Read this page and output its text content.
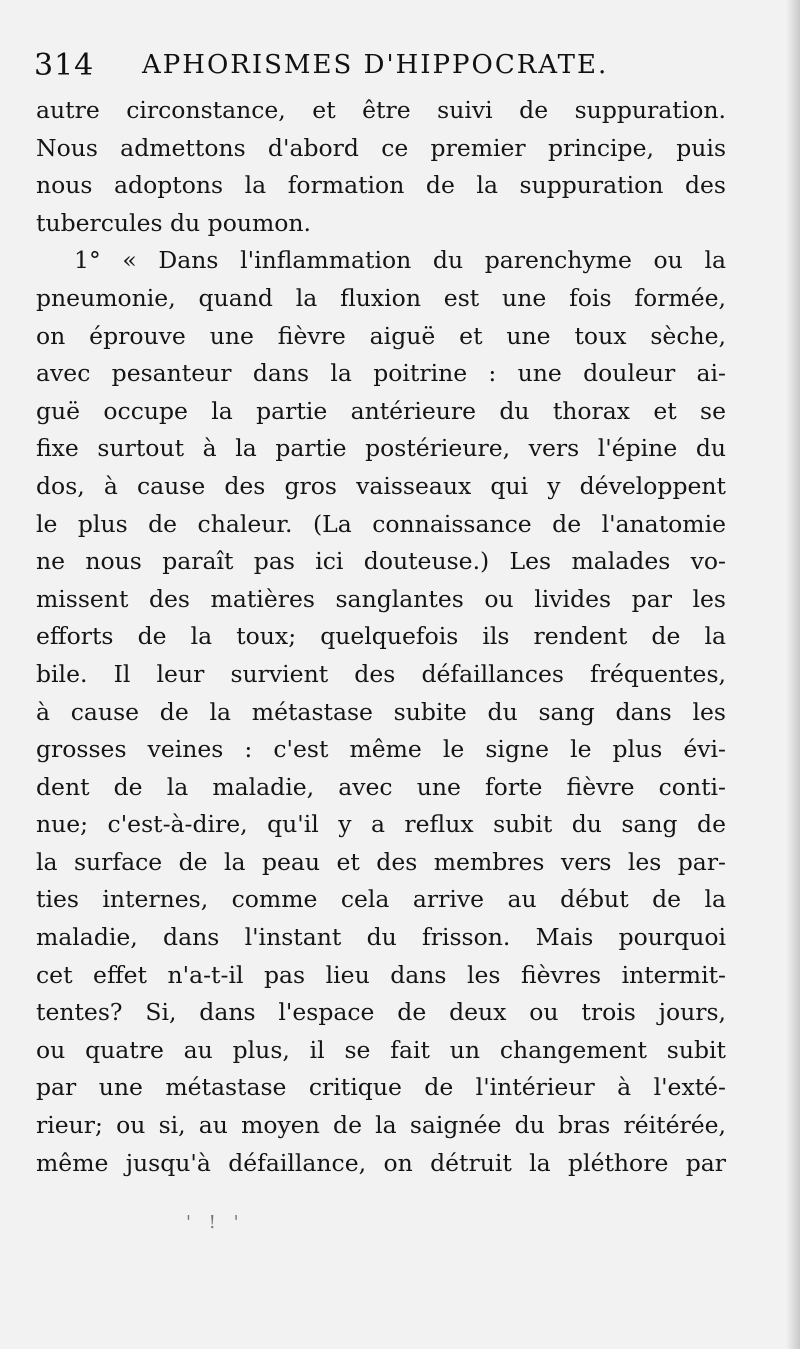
314 APHORISMES D'HIPPOCRATE.
autre circonstance, et être suivi de suppuration.
Nous admettons d'abord ce premier principe, puis
nous adoptons la formation de la suppuration des
tubercules du poumon.
1° « Dans l'inflammation du parenchyme ou la
pneumonie, quand la fluxion est une fois formée,
on éprouve une fièvre aiguë et une toux sèche,
avec pesanteur dans la poitrine : une douleur ai-
guë occupe la partie antérieure du thorax et se
fixe surtout à la partie postérieure, vers l'épine du
dos, à cause des gros vaisseaux qui y développent
le plus de chaleur. (La connaissance de l'anatomie
ne nous paraît pas ici douteuse.) Les malades vo-
missent des matières sanglantes ou livides par les
efforts de la toux; quelquefois ils rendent de la
bile. Il leur survient des défaillances fréquentes,
à cause de la métastase subite du sang dans les
grosses veines : c'est même le signe le plus évi-
dent de la maladie, avec une forte fièvre conti-
nue; c'est-à-dire, qu'il y a reflux subit du sang de
la surface de la peau et des membres vers les par-
ties internes, comme cela arrive au début de la
maladie, dans l'instant du frisson. Mais pourquoi
cet effet n'a-t-il pas lieu dans les fièvres intermit-
tentes? Si, dans l'espace de deux ou trois jours,
ou quatre au plus, il se fait un changement subit
par une métastase critique de l'intérieur à l'exté-
rieur; ou si, au moyen de la saignée du bras réitérée,
même jusqu'à défaillance, on détruit la pléthore par
' ! '
